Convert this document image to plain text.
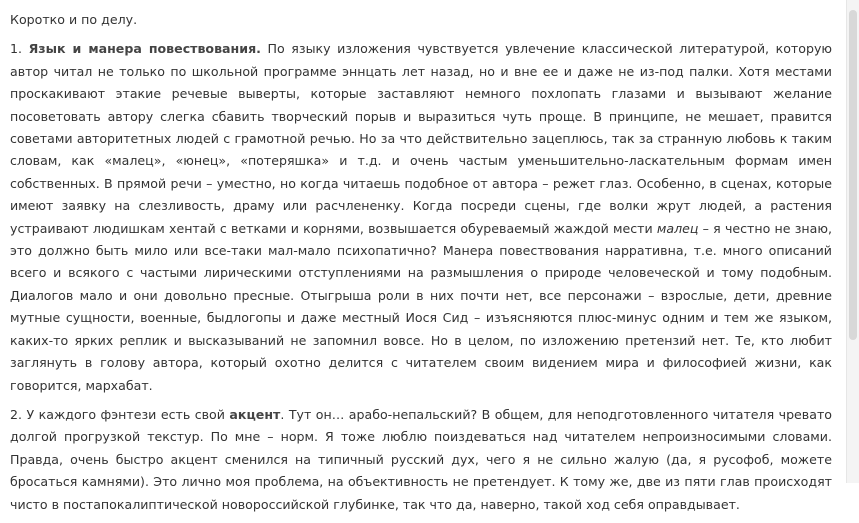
Коротко и по делу.

1. Язык и манера повествования. По языку изложения чувствуется увлечение классической литературой, которую автор читал не только по школьной программе эннцать лет назад, но и вне ее и даже не из-под палки. Хотя местами проскакивают этакие речевые выверты, которые заставляют немного похлопать глазами и вызывают желание посоветовать автору слегка сбавить творческий порыв и выразиться чуть проще. В принципе, не мешает, правится советами авторитетных людей с грамотной речью. Но за что действительно зацеплюсь, так за странную любовь к таким словам, как «малец», «юнец», «потеряшка» и т.д. и очень частым уменьшительно-ласкательным формам имен собственных. В прямой речи – уместно, но когда читаешь подобное от автора – режет глаз. Особенно, в сценах, которые имеют заявку на слезливость, драму или расчлененку. Когда посреди сцены, где волки жрут людей, а растения устраивают людишкам хентай с ветками и корнями, возвышается обуреваемый жаждой мести малец – я честно не знаю, это должно быть мило или все-таки мал-мало психопатично? Манера повествования нарративна, т.е. много описаний всего и всякого с частыми лирическими отступлениями на размышления о природе человеческой и тому подобным. Диалогов мало и они довольно пресные. Отыгрыша роли в них почти нет, все персонажи – взрослые, дети, древние мутные сущности, военные, быдлогопы и даже местный Иося Сид – изъясняются плюс-минус одним и тем же языком, каких-то ярких реплик и высказываний не запомнил вовсе. Но в целом, по изложению претензий нет. Те, кто любит заглянуть в голову автора, который охотно делится с читателем своим видением мира и философией жизни, как говорится, мархабат.

2. У каждого фэнтези есть свой акцент. Тут он… арабо-непальский? В общем, для неподготовленного читателя чревато долгой прогрузкой текстур. По мне – норм. Я тоже люблю поиздеваться над читателем непроизносимыми словами. Правда, очень быстро акцент сменился на типичный русский дух, чего я не сильно жалую (да, я русофоб, можете бросаться камнями). Это лично моя проблема, на объективность не претендует. К тому же, две из пяти глав происходят чисто в постапокалиптической новороссийской глубинке, так что да, наверно, такой ход себя оправдывает.
